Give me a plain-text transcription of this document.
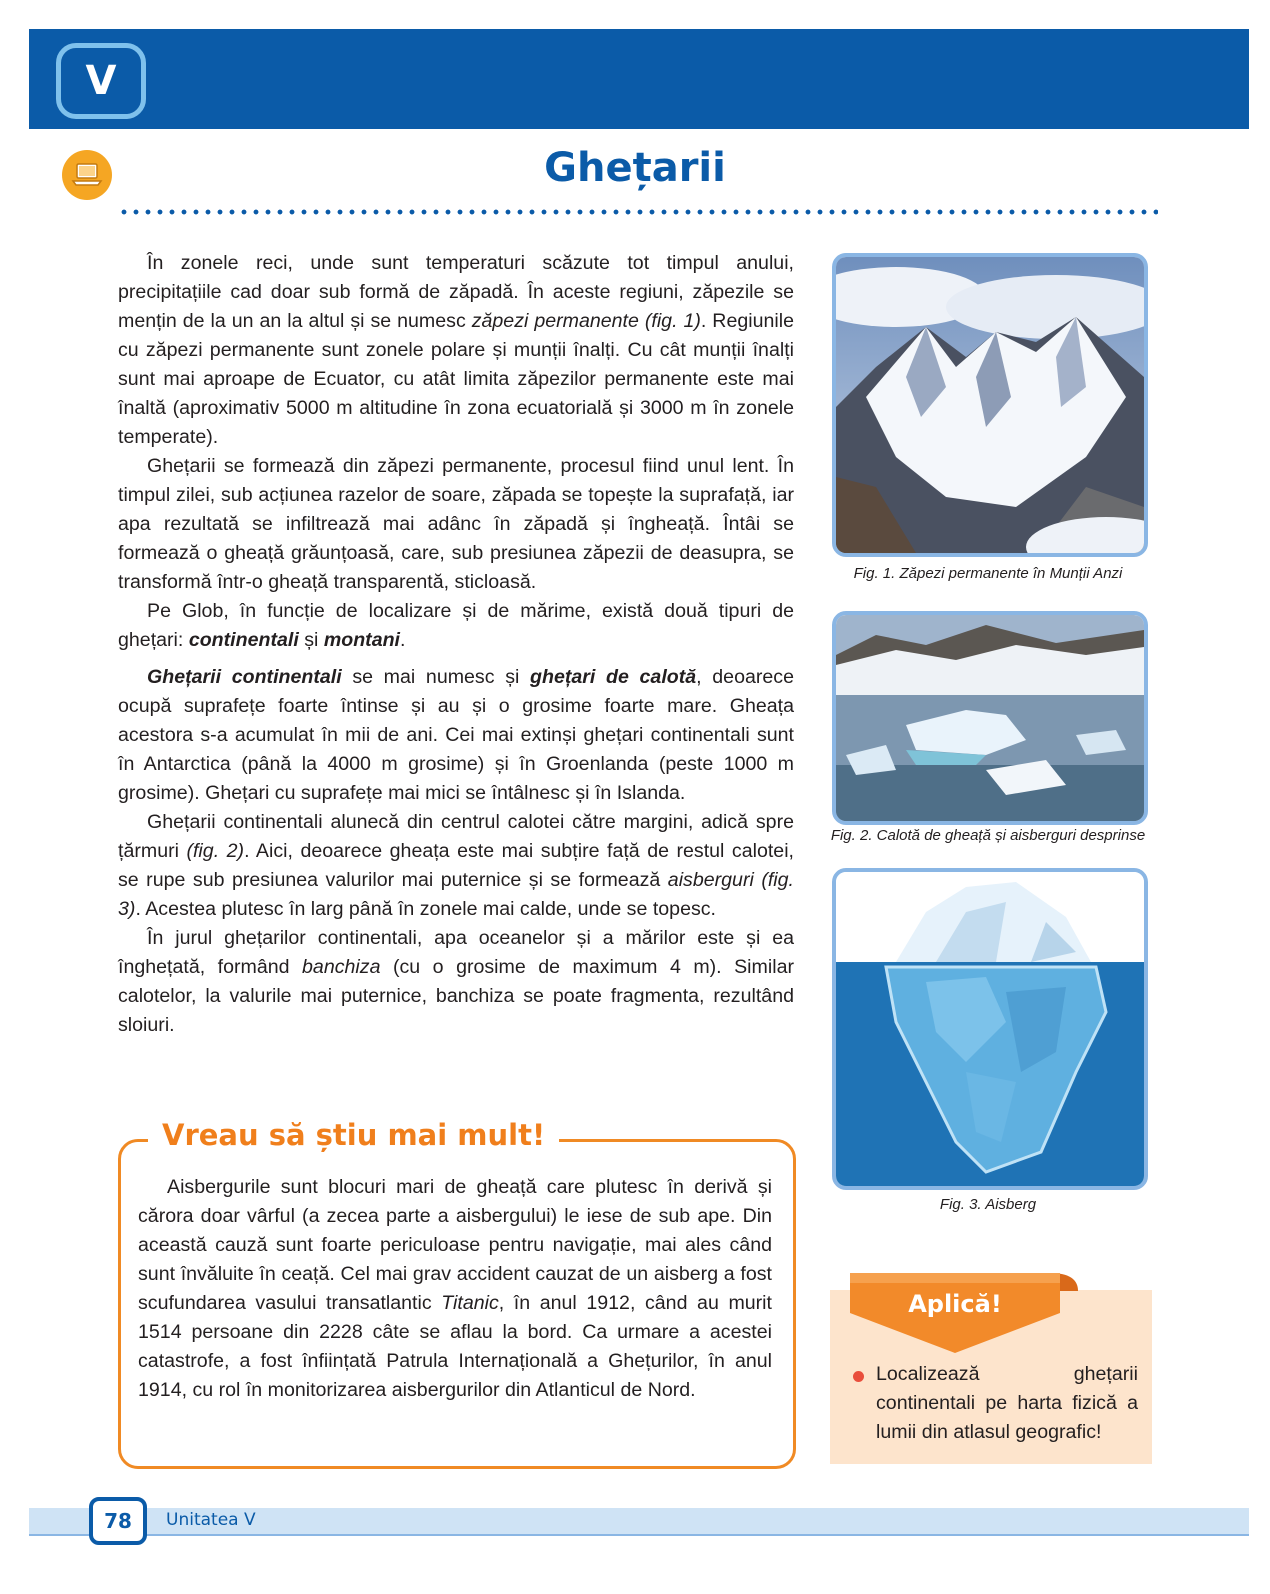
V
Ghețarii

În zonele reci, unde sunt temperaturi scăzute tot timpul anului, precipitațiile cad doar sub formă de zăpadă. În aceste regiuni, zăpezile se mențin de la un an la altul și se numesc zăpezi permanente (fig. 1). Regiunile cu zăpezi permanente sunt zonele polare și munții înalți. Cu cât munții înalți sunt mai aproape de Ecuator, cu atât limita zăpezilor permanente este mai înaltă (aproximativ 5000 m altitudine în zona ecuatorială și 3000 m în zonele temperate).

Ghețarii se formează din zăpezi permanente, procesul fiind unul lent. În timpul zilei, sub acțiunea razelor de soare, zăpada se topește la suprafață, iar apa rezultată se infiltrează mai adânc în zăpadă și îngheață. Întâi se formează o gheață grăunțoasă, care, sub presiunea zăpezii de deasupra, se transformă într-o gheață transparentă, sticloasă.

Pe Glob, în funcție de localizare și de mărime, există două tipuri de ghețari: continentali și montani.

Ghețarii continentali se mai numesc și ghețari de calotă, deoarece ocupă suprafețe foarte întinse și au și o grosime foarte mare. Gheața acestora s-a acumulat în mii de ani. Cei mai extinși ghețari continentali sunt în Antarctica (până la 4000 m grosime) și în Groenlanda (peste 1000 m grosime). Ghețari cu suprafețe mai mici se întâlnesc și în Islanda.

Ghețarii continentali alunecă din centrul calotei către margini, adică spre țărmuri (fig. 2). Aici, deoarece gheața este mai subțire față de restul calotei, se rupe sub presiunea valurilor mai puternice și se formează aisberguri (fig. 3). Acestea plutesc în larg până în zonele mai calde, unde se topesc.

În jurul ghețarilor continentali, apa oceanelor și a mărilor este și ea înghețată, formând banchiza (cu o grosime de maximum 4 m). Similar calotelor, la valurile mai puternice, banchiza se poate fragmenta, rezultând sloiuri.

Fig. 1. Zăpezi permanente în Munții Anzi
Fig. 2. Calotă de gheață și aisberguri desprinse
Fig. 3. Aisberg
Vreau să știu mai mult!

Aisbergurile sunt blocuri mari de gheață care plutesc în derivă și cărora doar vârful (a zecea parte a aisbergului) le iese de sub ape. Din această cauză sunt foarte periculoase pentru navigație, mai ales când sunt învăluite în ceață. Cel mai grav accident cauzat de un aisberg a fost scufundarea vasului transatlantic Titanic, în anul 1912, când au murit 1514 persoane din 2228 câte se aflau la bord. Ca urmare a acestei catastrofe, a fost înființată Patrula Internațională a Ghețurilor, în anul 1914, cu rol în monitorizarea aisbergurilor din Atlanticul de Nord.

Aplică!
Localizează ghețarii continentali pe harta fizică a lumii din atlasul geografic!
78	Unitatea V
